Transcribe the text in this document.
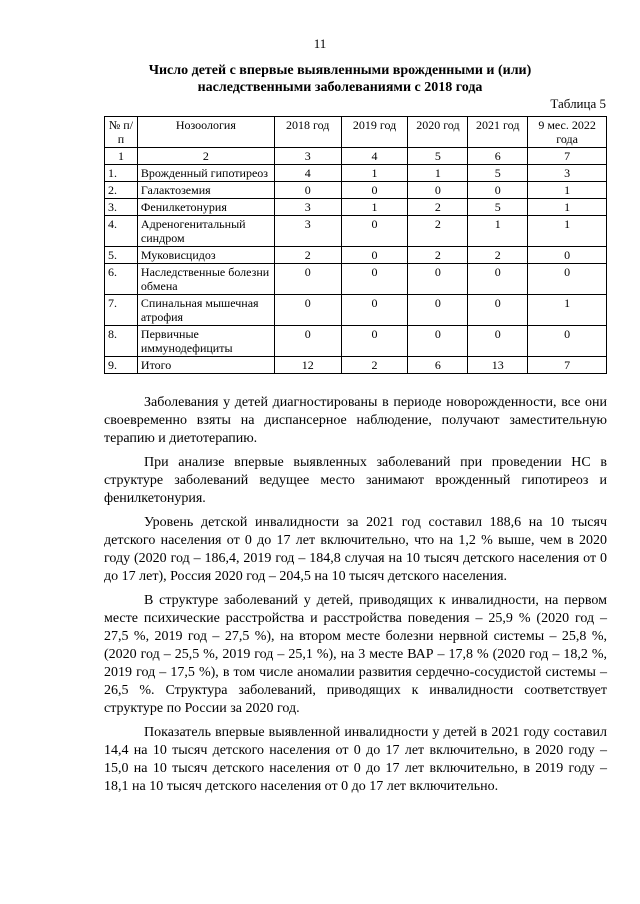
11
Число детей с впервые выявленными врожденными и (или) наследственными заболеваниями с 2018 года
Таблица 5
№ п/п	Нозоология	2018 год	2019 год	2020 год	2021 год	9 мес. 2022 года
1	2	3	4	5	6	7
1.	Врожденный гипотиреоз	4	1	1	5	3
2.	Галактоземия	0	0	0	0	1
3.	Фенилкетонурия	3	1	2	5	1
4.	Адреногенитальный синдром	3	0	2	1	1
5.	Муковисцидоз	2	0	2	2	0
6.	Наследственные болезни обмена	0	0	0	0	0
7.	Спинальная мышечная атрофия	0	0	0	0	1
8.	Первичные иммунодефициты	0	0	0	0	0
9.	Итого	12	2	6	13	7

Заболевания у детей диагностированы в периоде новорожденности, все они своевременно взяты на диспансерное наблюдение, получают заместительную терапию и диетотерапию.

При анализе впервые выявленных заболеваний при проведении НС в структуре заболеваний ведущее место занимают врожденный гипотиреоз и фенилкетонурия.

Уровень детской инвалидности за 2021 год составил 188,6 на 10 тысяч детского населения от 0 до 17 лет включительно, что на 1,2 % выше, чем в 2020 году (2020 год – 186,4, 2019 год – 184,8 случая на 10 тысяч детского населения от 0 до 17 лет), Россия 2020 год – 204,5 на 10 тысяч детского населения.

В структуре заболеваний у детей, приводящих к инвалидности, на первом месте психические расстройства и расстройства поведения – 25,9 % (2020 год – 27,5 %, 2019 год – 27,5 %), на втором месте болезни нервной системы – 25,8 %, (2020 год – 25,5 %, 2019 год – 25,1 %), на 3 месте ВАР – 17,8 % (2020 год – 18,2 %, 2019 год – 17,5 %), в том числе аномалии развития сердечно-сосудистой системы – 26,5 %. Структура заболеваний, приводящих к инвалидности соответствует структуре по России за 2020 год.

Показатель впервые выявленной инвалидности у детей в 2021 году составил 14,4 на 10 тысяч детского населения от 0 до 17 лет включительно, в 2020 году – 15,0 на 10 тысяч детского населения от 0 до 17 лет включительно, в 2019 году – 18,1 на 10 тысяч детского населения от 0 до 17 лет включительно.
